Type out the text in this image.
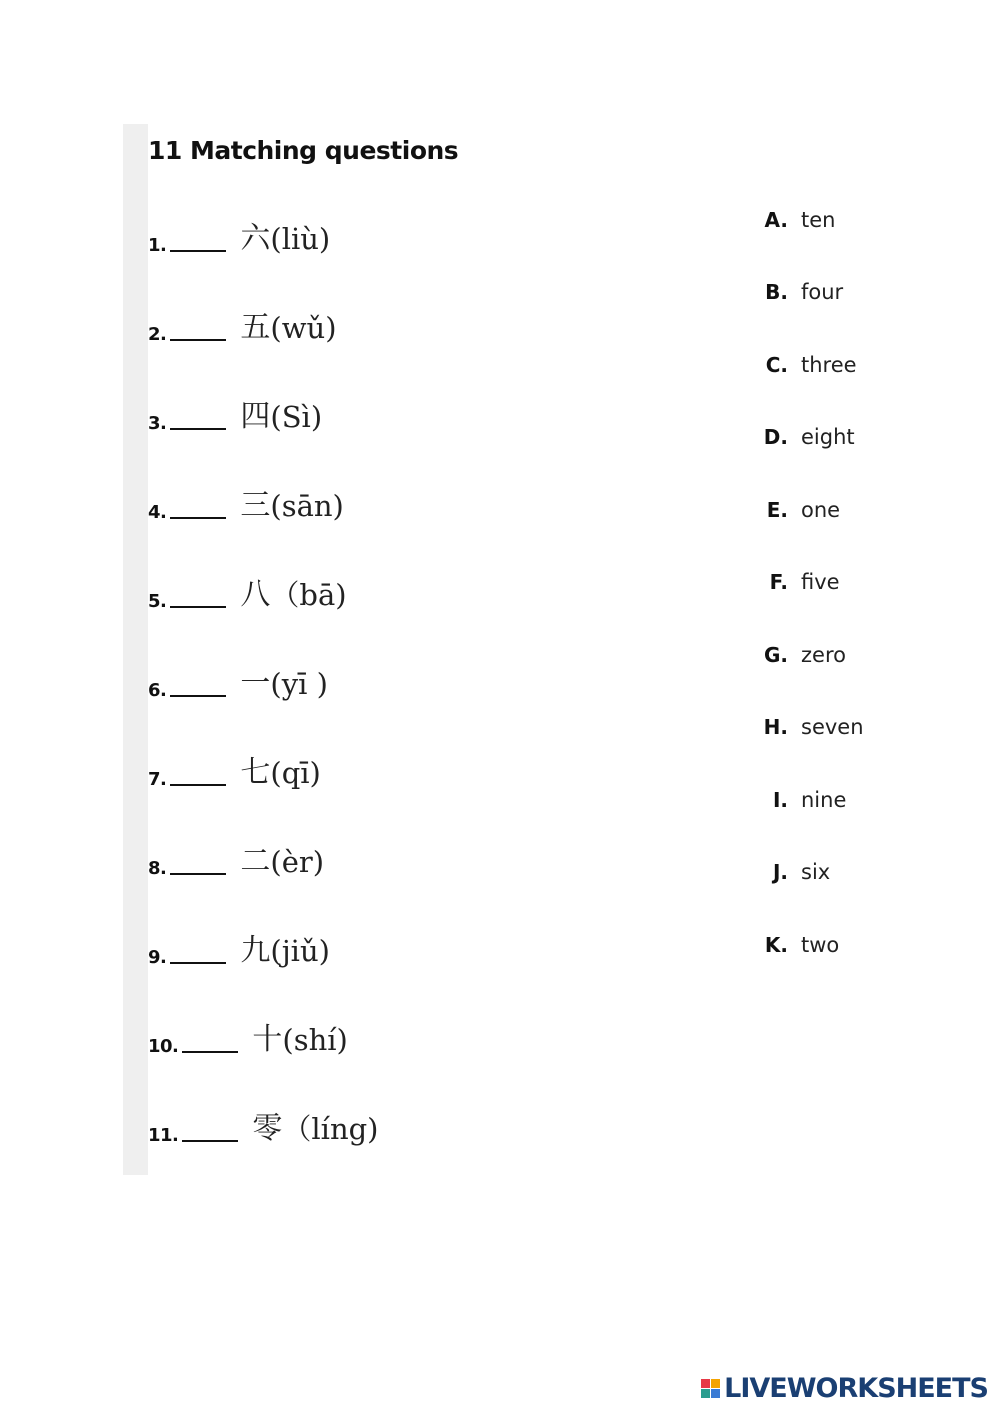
11 Matching questions
1. 六 (liù)
2. 五 (wǔ)
3. 四 (Sì)
4. 三 (sān)
5. 八 （bā)
6. 一 (yī )
7. 七 (qī)
8. 二 (èr)
9. 九 (jiǔ)
10. 十 (shí)
11. 零 （líng)
A. ten
B. four
C. three
D. eight
E. one
F. five
G. zero
H. seven
I. nine
J. six
K. two
LIVEWORKSHEETS
